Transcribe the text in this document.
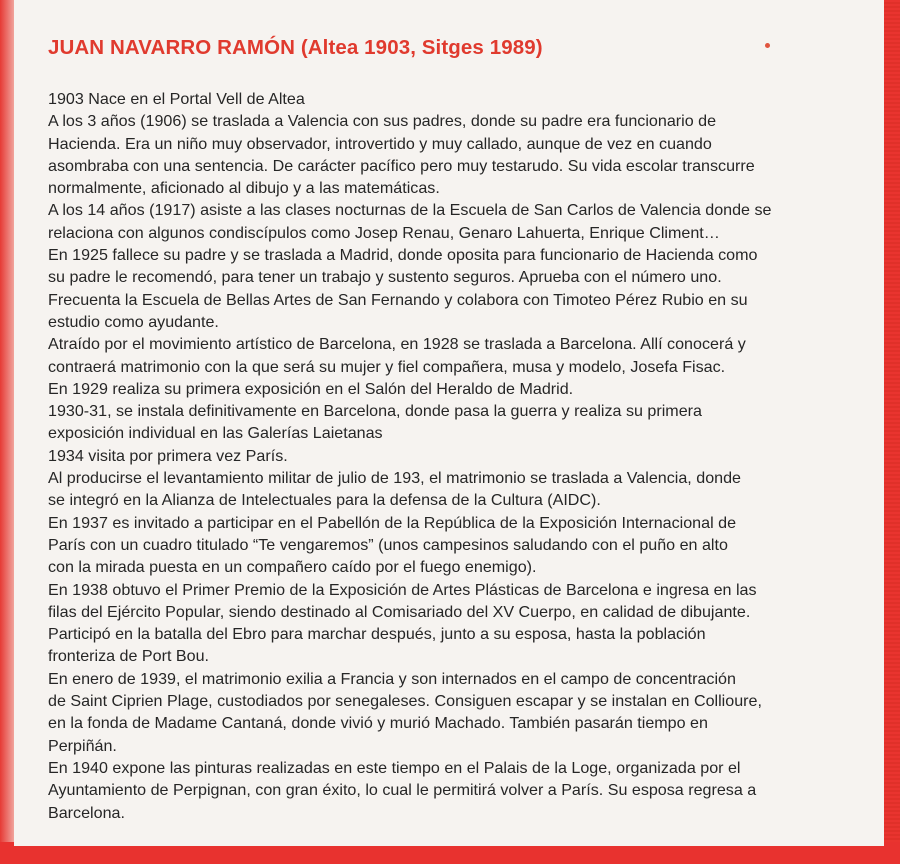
JUAN NAVARRO RAMÓN (Altea 1903, Sitges 1989)
1903 Nace en el Portal Vell de Altea
A los 3 años (1906) se traslada a Valencia con sus padres, donde su padre era funcionario de
Hacienda. Era un niño muy observador, introvertido y muy callado, aunque de vez en cuando
asombraba con una sentencia. De carácter pacífico pero muy testarudo. Su vida escolar transcurre
normalmente, aficionado al dibujo y a las matemáticas.
A los 14 años (1917) asiste a las clases nocturnas de la Escuela de San Carlos de Valencia donde se
relaciona con algunos condiscípulos como Josep Renau, Genaro Lahuerta, Enrique Climent…
En 1925 fallece su padre y se traslada a Madrid, donde oposita para funcionario de Hacienda como
su padre le recomendó, para tener un trabajo y sustento seguros. Aprueba con el número uno.
Frecuenta la Escuela de Bellas Artes de San Fernando y colabora con Timoteo Pérez Rubio en su
estudio como ayudante.
Atraído por el movimiento artístico de Barcelona, en 1928 se traslada a Barcelona. Allí conocerá y
contraerá matrimonio con la que será su mujer y fiel compañera, musa y modelo, Josefa Fisac.
En 1929 realiza su primera exposición en el Salón del Heraldo de Madrid.
1930-31, se instala definitivamente en Barcelona, donde pasa la guerra y realiza su primera
exposición individual en las Galerías Laietanas
1934 visita por primera vez París.
Al producirse el levantamiento militar de julio de 193, el matrimonio se traslada a Valencia, donde
se integró en la Alianza de Intelectuales para la defensa de la Cultura (AIDC).
En 1937 es invitado a participar en el Pabellón de la República de la Exposición Internacional de
París con un cuadro titulado “Te vengaremos” (unos campesinos saludando con el puño en alto
con la mirada puesta en un compañero caído por el fuego enemigo).
En 1938 obtuvo el Primer Premio de la Exposición de Artes Plásticas de Barcelona e ingresa en las
filas del Ejército Popular, siendo destinado al Comisariado del XV Cuerpo, en calidad de dibujante.
Participó en la batalla del Ebro para marchar después, junto a su esposa, hasta la población
fronteriza de Port Bou.
En enero de 1939, el matrimonio exilia a Francia y son internados en el campo de concentración
de Saint Ciprien Plage, custodiados por senegaleses. Consiguen escapar y se instalan en Collioure,
en la fonda de Madame Cantaná, donde vivió y murió Machado. También pasarán tiempo en
Perpiñán.
En 1940 expone las pinturas realizadas en este tiempo en el Palais de la Loge, organizada por el
Ayuntamiento de Perpignan, con gran éxito, lo cual le permitirá volver a París. Su esposa regresa a
Barcelona.
